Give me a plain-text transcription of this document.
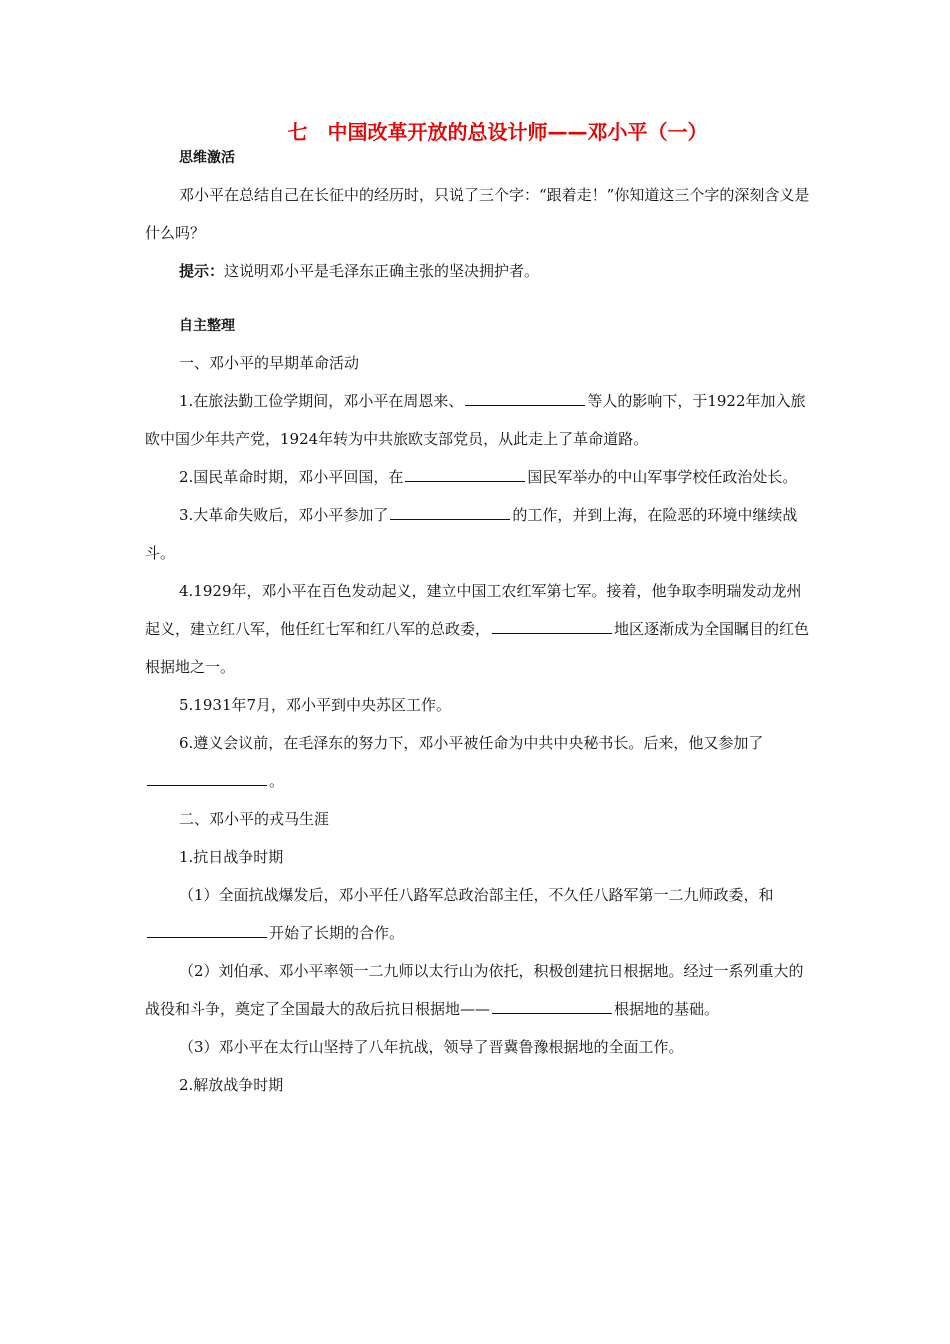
七　中国改革开放的总设计师——邓小平（一）
思维激活

邓小平在总结自己在长征中的经历时，只说了三个字：“跟着走！”你知道这三个字的深刻含义是什么吗？

提示：这说明邓小平是毛泽东正确主张的坚决拥护者。

自主整理

一、邓小平的早期革命活动

1.在旅法勤工俭学期间，邓小平在周恩来、	等人的影响下，于1922年加入旅欧中国少年共产党，1924年转为中共旅欧支部党员，从此走上了革命道路。

2.国民革命时期，邓小平回国，在	国民军举办的中山军事学校任政治处长。

3.大革命失败后，邓小平参加了	的工作，并到上海，在险恶的环境中继续战斗。

4.1929年，邓小平在百色发动起义，建立中国工农红军第七军。接着，他争取李明瑞发动龙州起义，建立红八军，他任红七军和红八军的总政委，	地区逐渐成为全国瞩目的红色根据地之一。

5.1931年7月，邓小平到中央苏区工作。

6.遵义会议前，在毛泽东的努力下，邓小平被任命为中共中央秘书长。后来，他又参加了。

二、邓小平的戎马生涯

1.抗日战争时期

（1）全面抗战爆发后，邓小平任八路军总政治部主任，不久任八路军第一二九师政委，和开始了长期的合作。

（2）刘伯承、邓小平率领一二九师以太行山为依托，积极创建抗日根据地。经过一系列重大的战役和斗争，奠定了全国最大的敌后抗日根据地——	根据地的基础。

（3）邓小平在太行山坚持了八年抗战，领导了晋冀鲁豫根据地的全面工作。

2.解放战争时期
